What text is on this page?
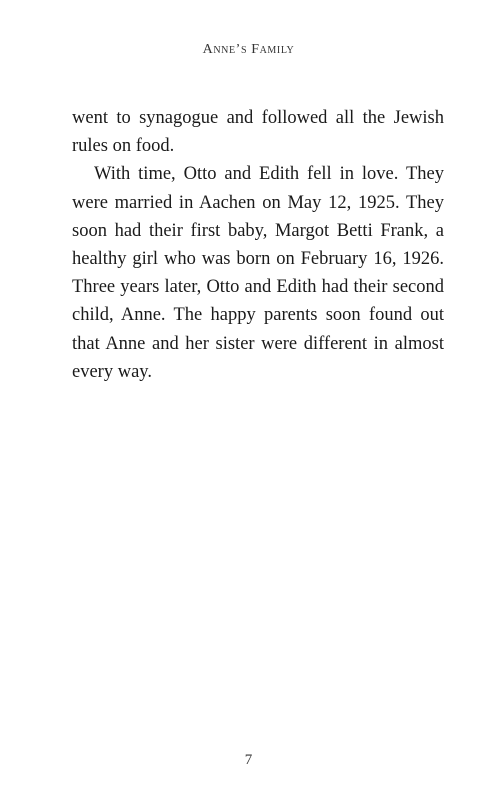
Anne’s Family

went to synagogue and followed all the Jewish rules on food.

With time, Otto and Edith fell in love. They were married in Aachen on May 12, 1925. They soon had their first baby, Margot Betti Frank, a healthy girl who was born on February 16, 1926. Three years later, Otto and Edith had their second child, Anne. The happy parents soon found out that Anne and her sister were different in almost every way.

7
